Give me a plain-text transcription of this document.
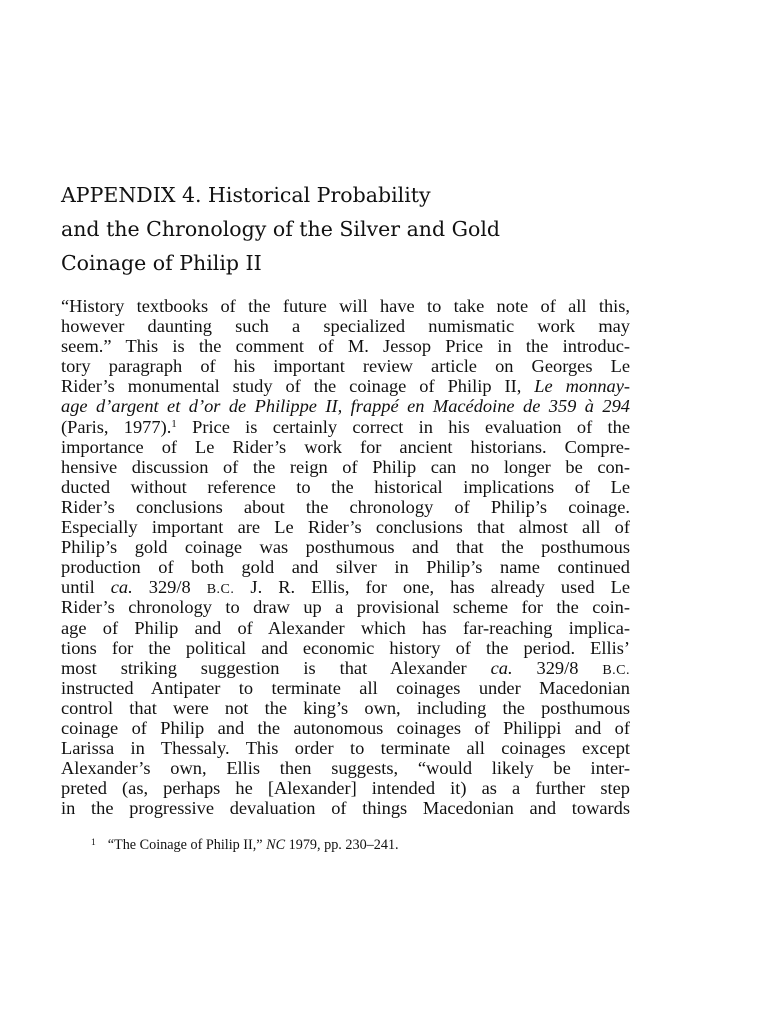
APPENDIX 4. Historical Probability
and the Chronology of the Silver and Gold
Coinage of Philip II
“History textbooks of the future will have to take note of all this,
however daunting such a specialized numismatic work may
seem.” This is the comment of M. Jessop Price in the introduc-
tory paragraph of his important review article on Georges Le
Rider’s monumental study of the coinage of Philip II, Le monnay-
age d’argent et d’or de Philippe II, frappé en Macédoine de 359 à 294
(Paris, 1977).$^1$ Price is certainly correct in his evaluation of the
importance of Le Rider’s work for ancient historians. Compre-
hensive discussion of the reign of Philip can no longer be con-
ducted without reference to the historical implications of Le
Rider’s conclusions about the chronology of Philip’s coinage.
Especially important are Le Rider’s conclusions that almost all of
Philip’s gold coinage was posthumous and that the posthumous
production of both gold and silver in Philip’s name continued
until ca. 329/8 B.C. J. R. Ellis, for one, has already used Le
Rider’s chronology to draw up a provisional scheme for the coin-
age of Philip and of Alexander which has far-reaching implica-
tions for the political and economic history of the period. Ellis’
most striking suggestion is that Alexander ca. 329/8 B.C.
instructed Antipater to terminate all coinages under Macedonian
control that were not the king’s own, including the posthumous
coinage of Philip and the autonomous coinages of Philippi and of
Larissa in Thessaly. This order to terminate all coinages except
Alexander’s own, Ellis then suggests, “would likely be inter-
preted (as, perhaps he [Alexander] intended it) as a further step
in the progressive devaluation of things Macedonian and towards
$^1$ “The Coinage of Philip II,” NC 1979, pp. 230–241.
